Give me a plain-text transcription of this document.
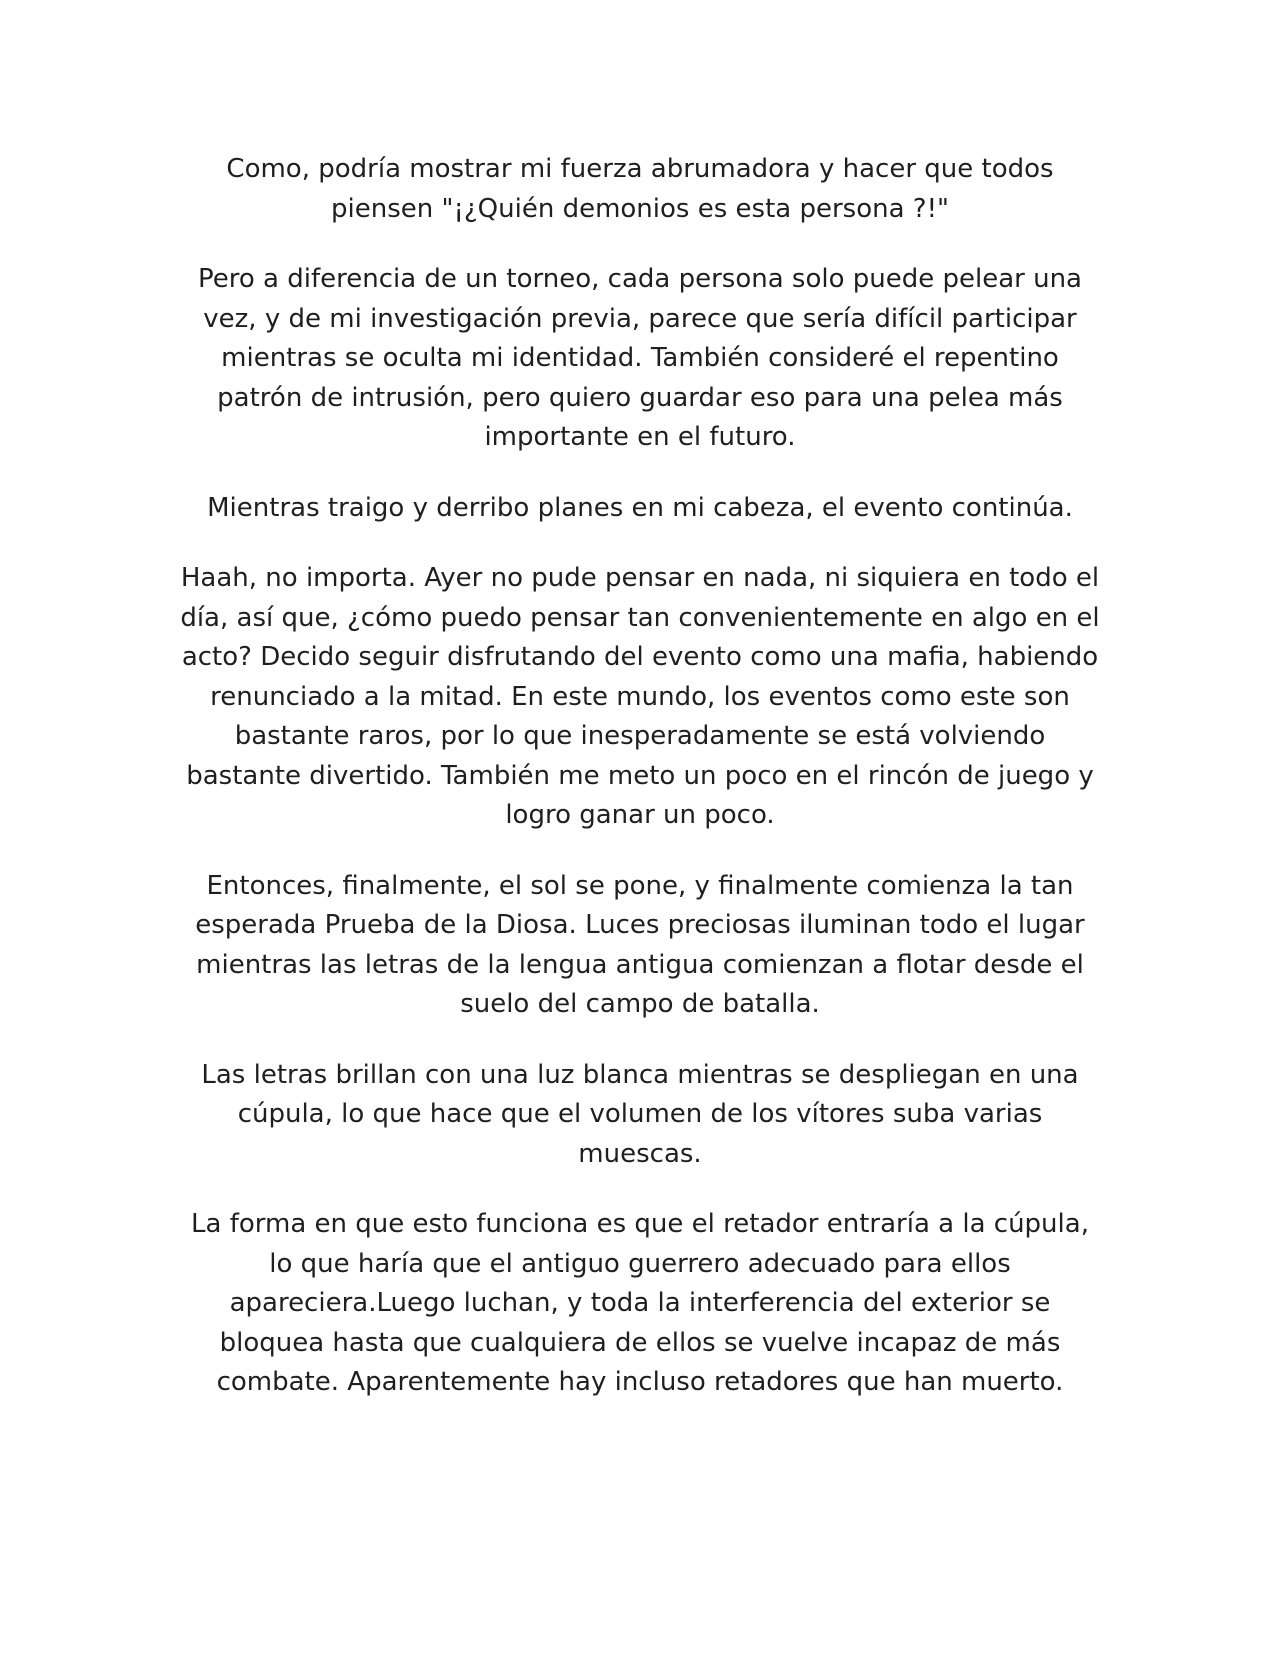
Como, podría mostrar mi fuerza abrumadora y hacer que todos piensen "¡¿Quién demonios es esta persona ?!"

Pero a diferencia de un torneo, cada persona solo puede pelear una vez, y de mi investigación previa, parece que sería difícil participar mientras se oculta mi identidad. También consideré el repentino patrón de intrusión, pero quiero guardar eso para una pelea más importante en el futuro.

Mientras traigo y derribo planes en mi cabeza, el evento continúa.

Haah, no importa. Ayer no pude pensar en nada, ni siquiera en todo el día, así que, ¿cómo puedo pensar tan convenientemente en algo en el acto? Decido seguir disfrutando del evento como una mafia, habiendo renunciado a la mitad. En este mundo, los eventos como este son bastante raros, por lo que inesperadamente se está volviendo bastante divertido. También me meto un poco en el rincón de juego y logro ganar un poco.

Entonces, finalmente, el sol se pone, y finalmente comienza la tan esperada Prueba de la Diosa. Luces preciosas iluminan todo el lugar mientras las letras de la lengua antigua comienzan a flotar desde el suelo del campo de batalla.

Las letras brillan con una luz blanca mientras se despliegan en una cúpula, lo que hace que el volumen de los vítores suba varias muescas.

La forma en que esto funciona es que el retador entraría a la cúpula, lo que haría que el antiguo guerrero adecuado para ellos apareciera.Luego luchan, y toda la interferencia del exterior se bloquea hasta que cualquiera de ellos se vuelve incapaz de más combate. Aparentemente hay incluso retadores que han muerto.
